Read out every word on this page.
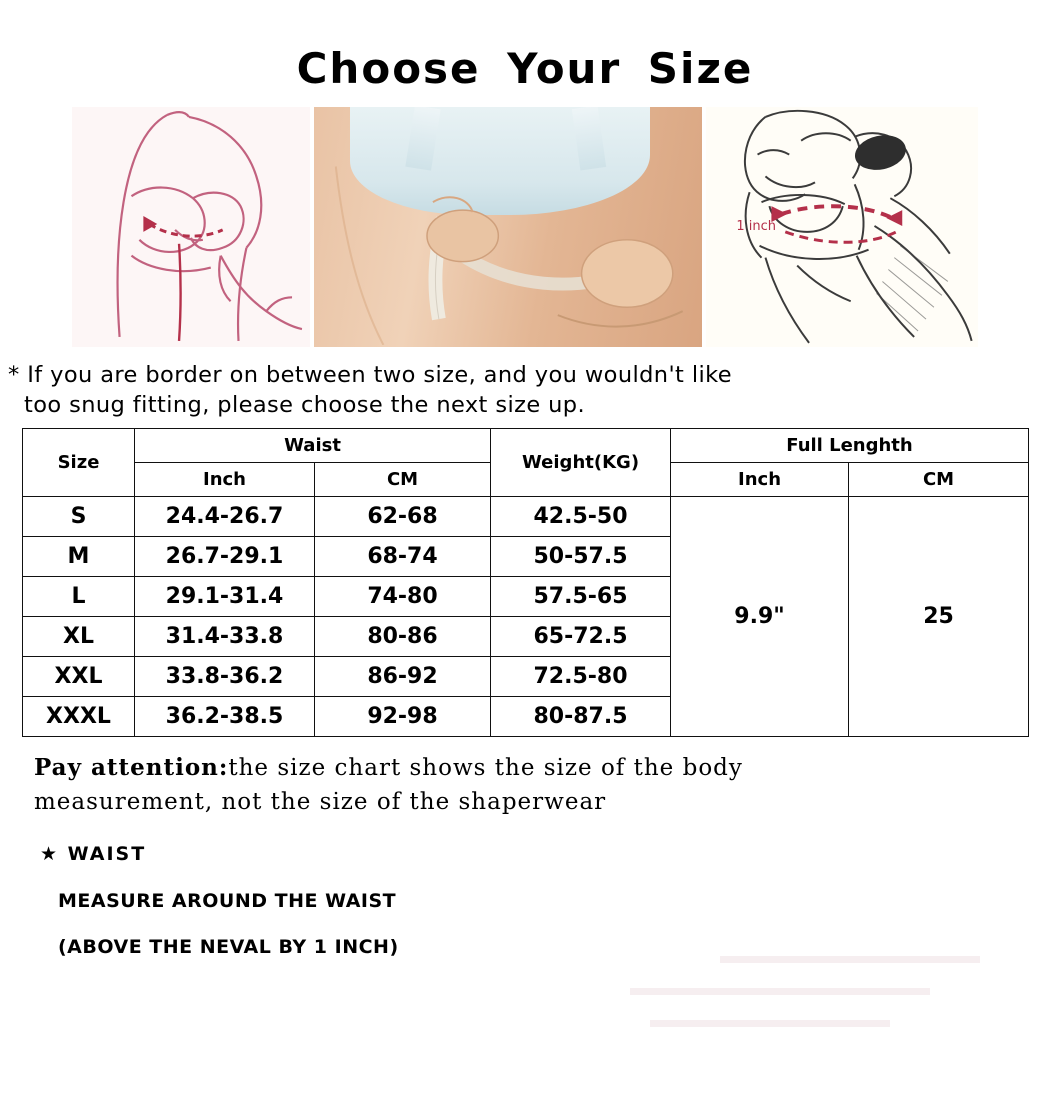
Choose Your Size
1 inch
* If you are border on between two size, and you wouldn't like
too snug fitting, please choose the next size up.
Size	Waist		Weight(KG)	Full Lenghth	
	Inch	CM		Inch	CM
S	24.4-26.7	62-68	42.5-50	9.9"	25
M	26.7-29.1	68-74	50-57.5		
L	29.1-31.4	74-80	57.5-65		
XL	31.4-33.8	80-86	65-72.5		
XXL	33.8-36.2	86-92	72.5-80		
XXXL	36.2-38.5	92-98	80-87.5		
Pay attention:the size chart shows the size of the body
measurement, not the size of the shaperwear
★ WAIST
MEASURE AROUND THE WAIST
(ABOVE THE NEVAL BY 1 INCH)
